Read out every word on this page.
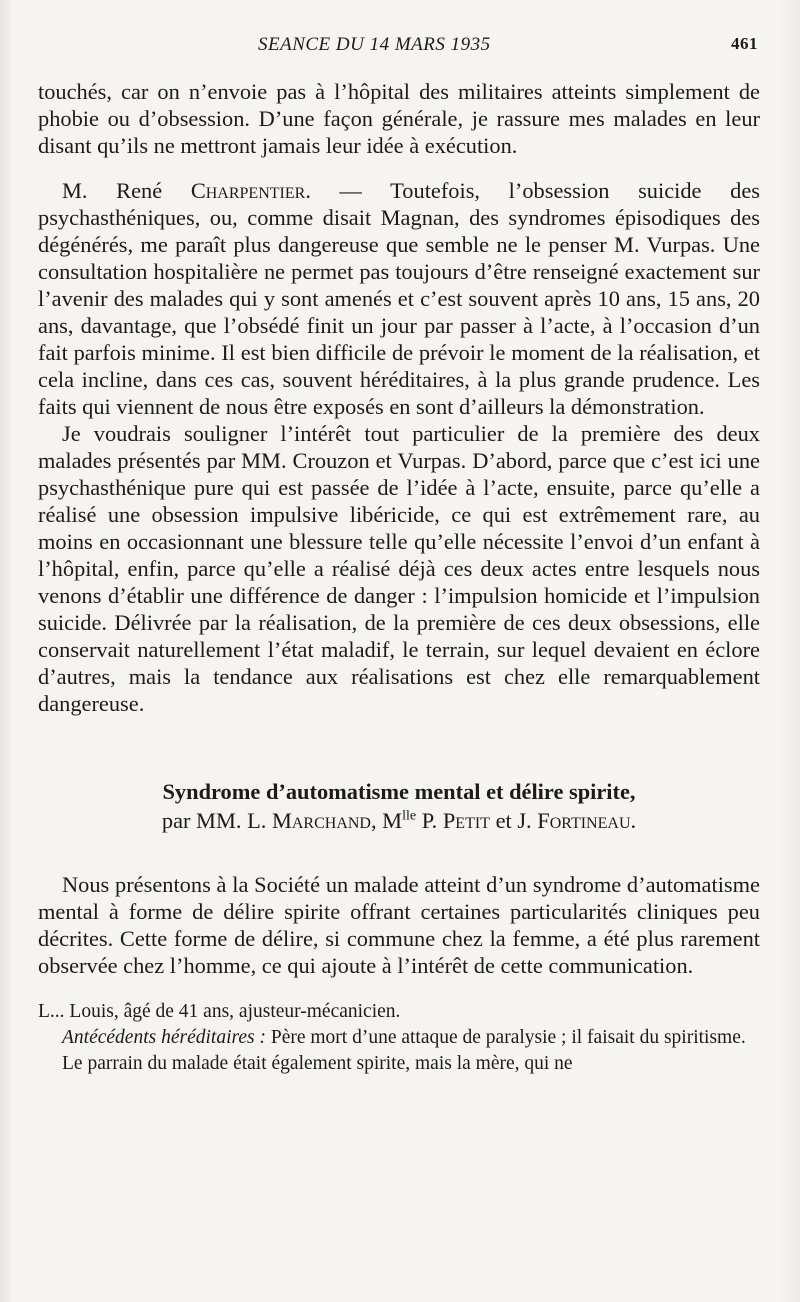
SEANCE DU 14 MARS 1935	461

touchés, car on n’envoie pas à l’hôpital des militaires atteints simplement de phobie ou d’obsession. D’une façon générale, je rassure mes malades en leur disant qu’ils ne mettront jamais leur idée à exécution.

M. René Charpentier. — Toutefois, l’obsession suicide des psychasthéniques, ou, comme disait Magnan, des syndromes épisodiques des dégénérés, me paraît plus dangereuse que semble ne le penser M. Vurpas. Une consultation hospitalière ne permet pas toujours d’être renseigné exactement sur l’avenir des malades qui y sont amenés et c’est souvent après 10 ans, 15 ans, 20 ans, davantage, que l’obsédé finit un jour par passer à l’acte, à l’occasion d’un fait parfois minime. Il est bien difficile de prévoir le moment de la réalisation, et cela incline, dans ces cas, souvent héréditaires, à la plus grande prudence. Les faits qui viennent de nous être exposés en sont d’ailleurs la démonstration.

Je voudrais souligner l’intérêt tout particulier de la première des deux malades présentés par MM. Crouzon et Vurpas. D’abord, parce que c’est ici une psychasthénique pure qui est passée de l’idée à l’acte, ensuite, parce qu’elle a réalisé une obsession impulsive libéricide, ce qui est extrêmement rare, au moins en occasionnant une blessure telle qu’elle nécessite l’envoi d’un enfant à l’hôpital, enfin, parce qu’elle a réalisé déjà ces deux actes entre lesquels nous venons d’établir une différence de danger : l’impulsion homicide et l’impulsion suicide. Délivrée par la réalisation, de la première de ces deux obsessions, elle conservait naturellement l’état maladif, le terrain, sur lequel devaient en éclore d’autres, mais la tendance aux réalisations est chez elle remarquablement dangereuse.

Syndrome d’automatisme mental et délire spirite,
par MM. L. Marchand, $M^{lle}$ P. Petit et J. Fortineau.

Nous présentons à la Société un malade atteint d’un syndrome d’automatisme mental à forme de délire spirite offrant certaines particularités cliniques peu décrites. Cette forme de délire, si commune chez la femme, a été plus rarement observée chez l’homme, ce qui ajoute à l’intérêt de cette communication.

L... Louis, âgé de 41 ans, ajusteur-mécanicien.

Antécédents héréditaires : Père mort d’une attaque de paralysie ; il faisait du spiritisme.

Le parrain du malade était également spirite, mais la mère, qui ne
